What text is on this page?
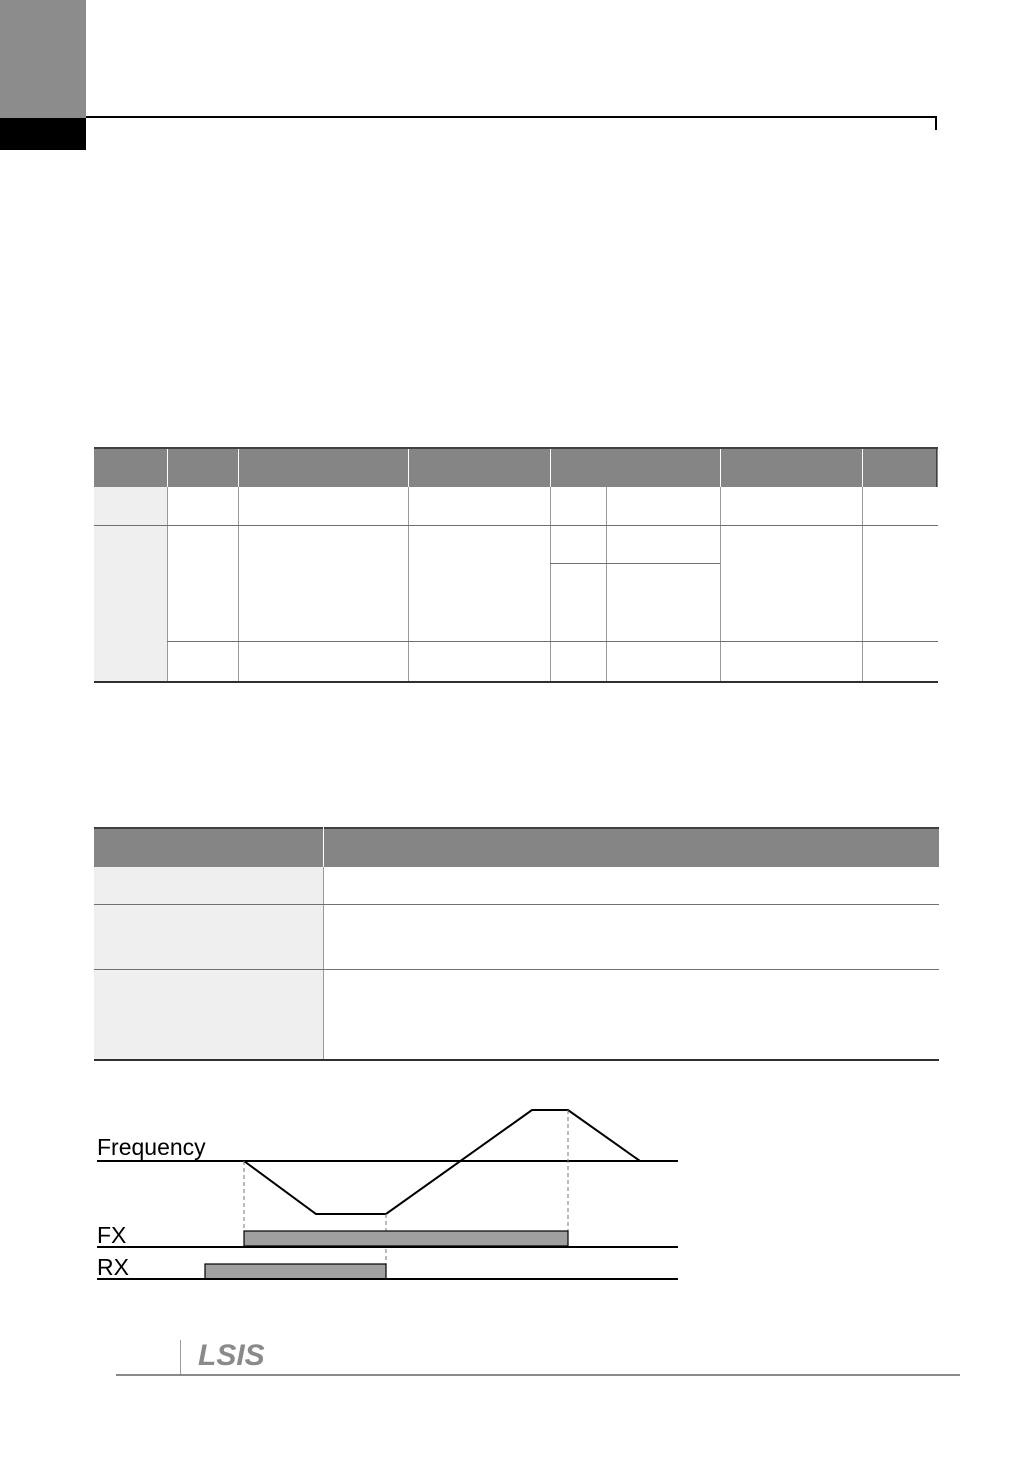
Frequency
FX
RX
LSIS
